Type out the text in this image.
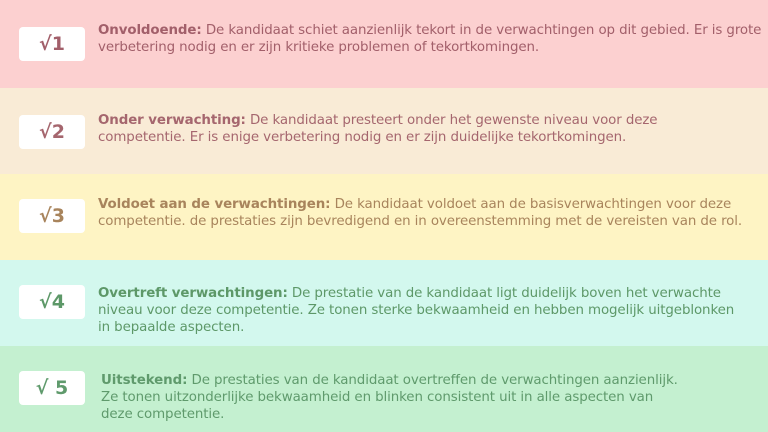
√1
Onvoldoende: De kandidaat schiet aanzienlijk tekort in de verwachtingen op dit gebied. Er is grote verbetering nodig en er zijn kritieke problemen of tekortkomingen.
√2
Onder verwachting: De kandidaat presteert onder het gewenste niveau voor deze competentie. Er is enige verbetering nodig en er zijn duidelijke tekortkomingen.
√3
Voldoet aan de verwachtingen: De kandidaat voldoet aan de basisverwachtingen voor deze competentie. de prestaties zijn bevredigend en in overeenstemming met de vereisten van de rol.
√4	Overtreft verwachtingen: De prestatie van de kandidaat ligt duidelijk boven het verwachte niveau voor deze competentie. Ze tonen sterke bekwaamheid en hebben mogelijk uitgeblonken in bepaalde aspecten.
√ 5	Uitstekend: De prestaties van de kandidaat overtreffen de verwachtingen aanzienlijk. Ze tonen uitzonderlijke bekwaamheid en blinken consistent uit in alle aspecten van deze competentie.
